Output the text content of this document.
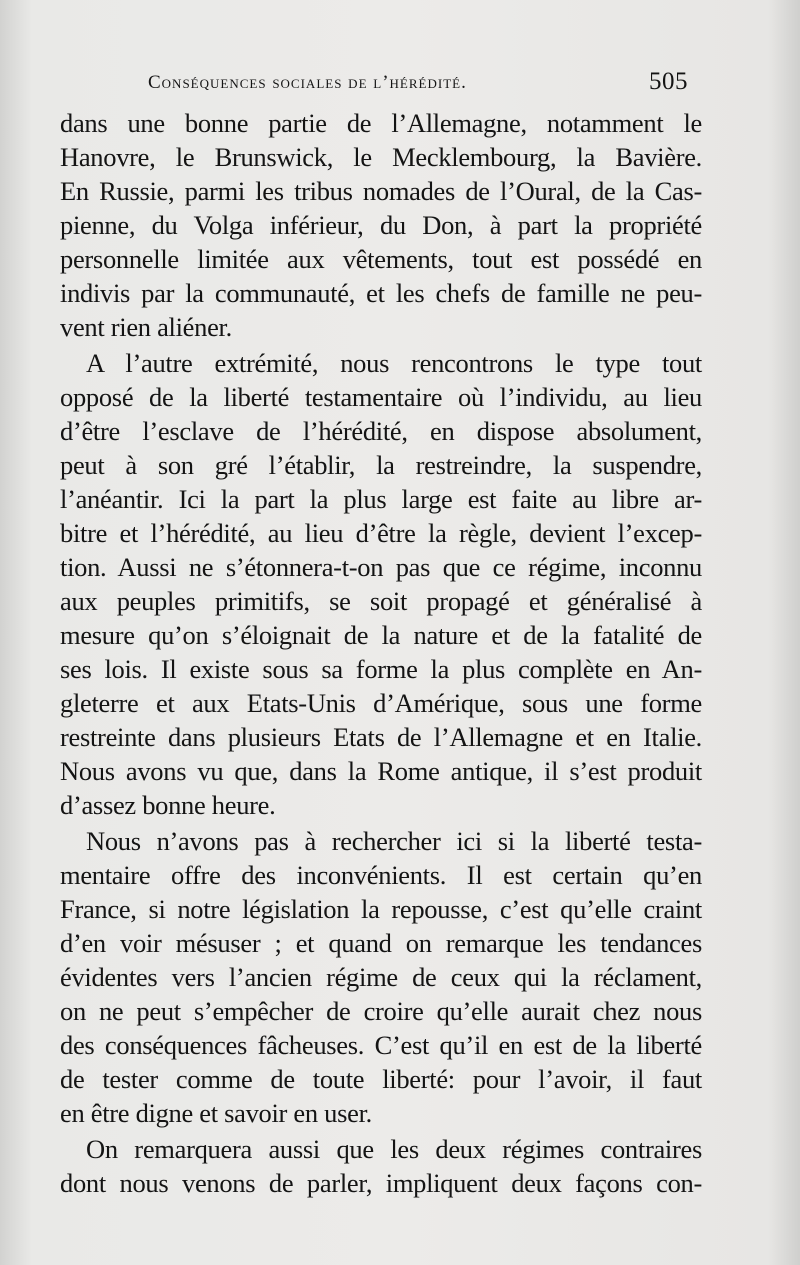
Conséquences sociales de l’hérédité.	505
dans une bonne partie de l’Allemagne, notamment le
Hanovre, le Brunswick, le Mecklembourg, la Bavière.
En Russie, parmi les tribus nomades de l’Oural, de la Cas-
pienne, du Volga inférieur, du Don, à part la propriété
personnelle limitée aux vêtements, tout est possédé en
indivis par la communauté, et les chefs de famille ne peu-
vent rien aliéner.
A l’autre extrémité, nous rencontrons le type tout
opposé de la liberté testamentaire où l’individu, au lieu
d’être l’esclave de l’hérédité, en dispose absolument,
peut à son gré l’établir, la restreindre, la suspendre,
l’anéantir. Ici la part la plus large est faite au libre ar-
bitre et l’hérédité, au lieu d’être la règle, devient l’excep-
tion. Aussi ne s’étonnera-t-on pas que ce régime, inconnu
aux peuples primitifs, se soit propagé et généralisé à
mesure qu’on s’éloignait de la nature et de la fatalité de
ses lois. Il existe sous sa forme la plus complète en An-
gleterre et aux Etats-Unis d’Amérique, sous une forme
restreinte dans plusieurs Etats de l’Allemagne et en Italie.
Nous avons vu que, dans la Rome antique, il s’est produit
d’assez bonne heure.
Nous n’avons pas à rechercher ici si la liberté testa-
mentaire offre des inconvénients. Il est certain qu’en
France, si notre législation la repousse, c’est qu’elle craint
d’en voir mésuser ; et quand on remarque les tendances
évidentes vers l’ancien régime de ceux qui la réclament,
on ne peut s’empêcher de croire qu’elle aurait chez nous
des conséquences fâcheuses. C’est qu’il en est de la liberté
de tester comme de toute liberté: pour l’avoir, il faut
en être digne et savoir en user.
On remarquera aussi que les deux régimes contraires
dont nous venons de parler, impliquent deux façons con-
